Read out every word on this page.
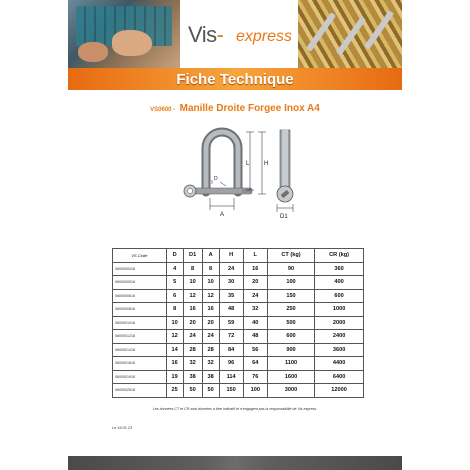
Vis- express
Fiche Technique
VS0600 - Manille Droite Forgee Inox A4
L H
D
A	D1
VS Code	D	D1	A	H	L	CT (kg)	CR (kg)
0600000418	4	8	8	24	16	90	360
0600000518	5	10	10	30	20	100	400
0600000618	6	12	12	35	24	150	600
0600000818	8	16	16	48	32	250	1000
0600001018	10	20	20	59	40	500	2000
0600001218	12	24	24	72	48	600	2400
0600001418	14	28	28	84	56	900	3600
0600001618	16	32	32	96	64	1100	4400
0600001918	19	38	38	114	76	1600	6400
0600002518	25	50	50	150	100	3000	12000
Les données CT et CR sont données à titre indicatif et n'engagent pas la responsabilité de Vis-express.
Le 19.01.23
